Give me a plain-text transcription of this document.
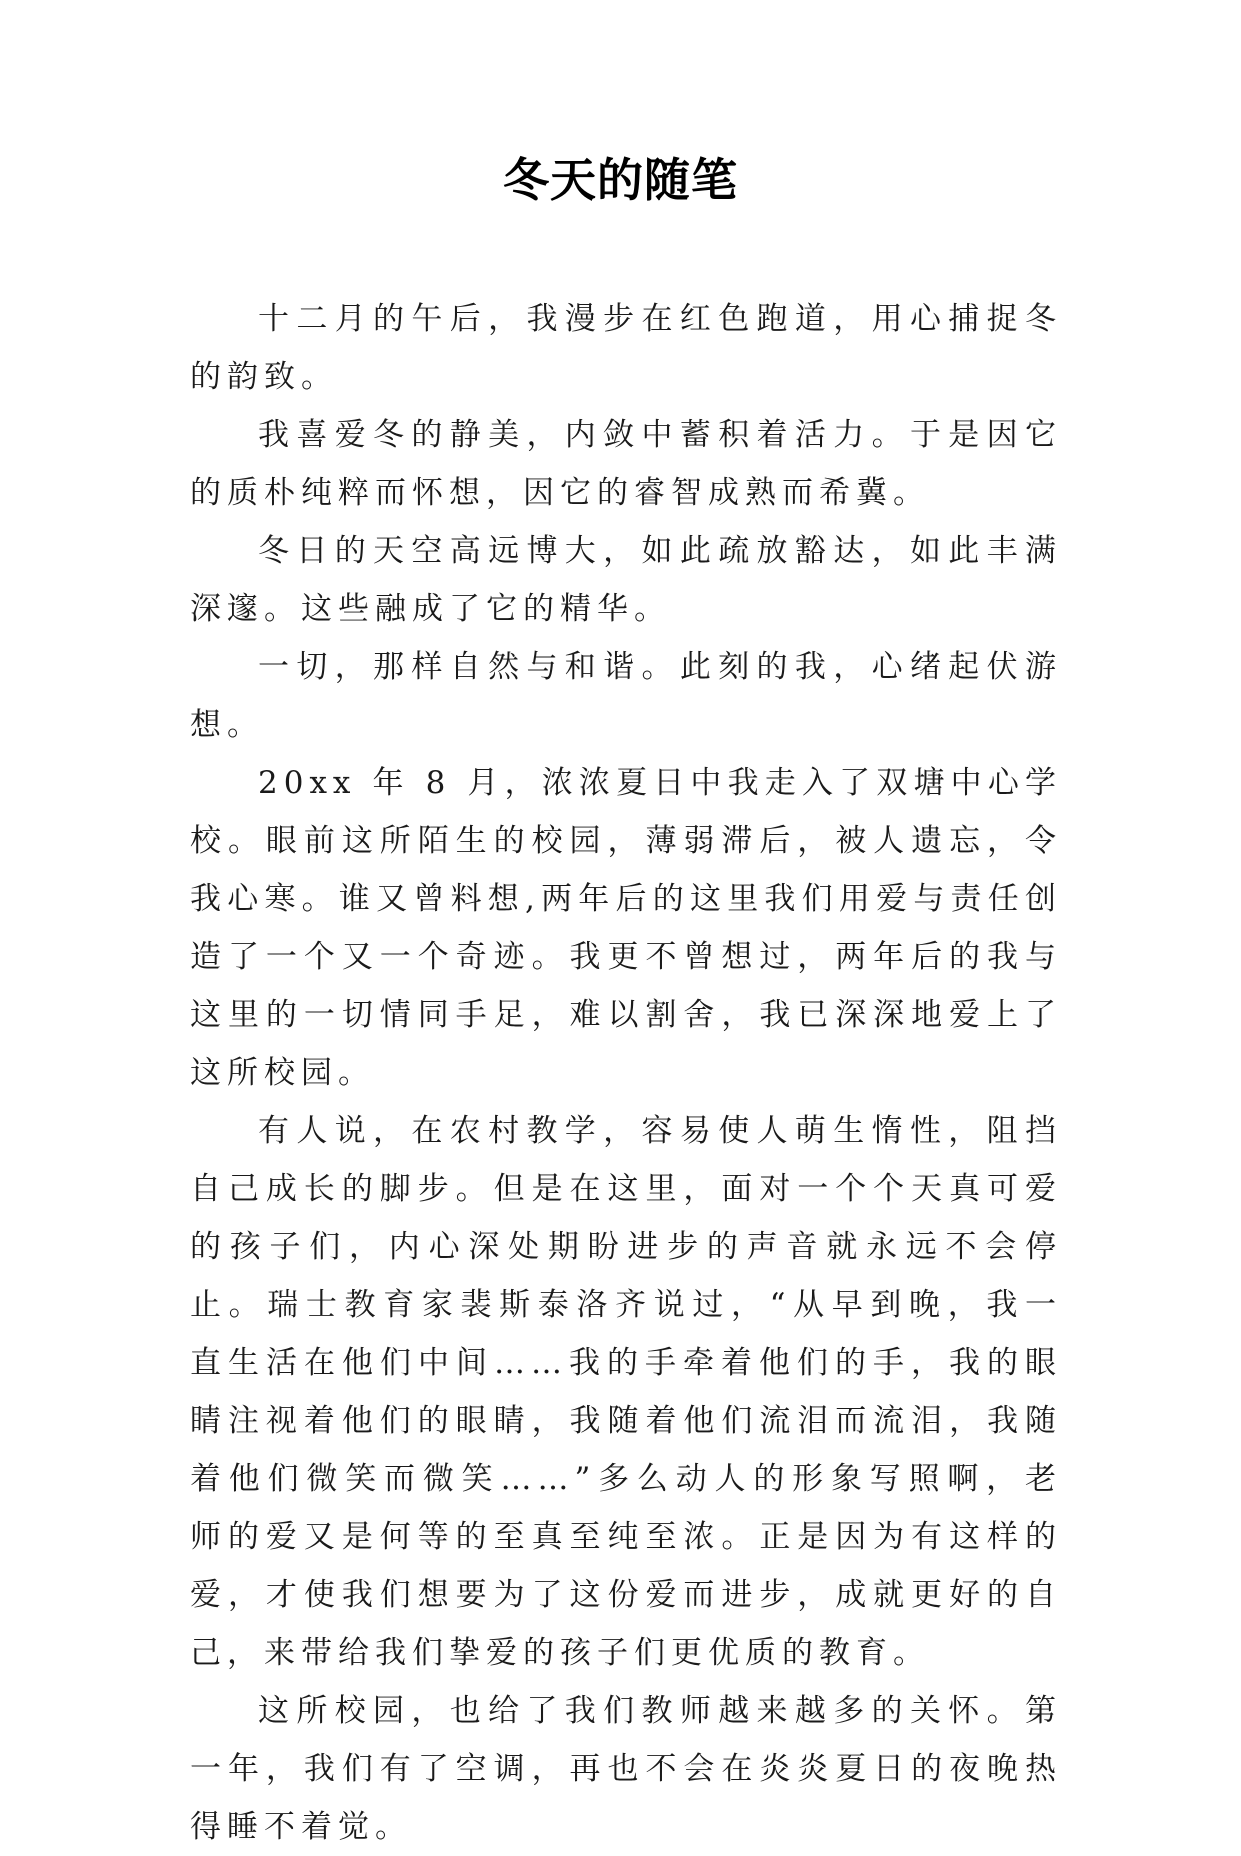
冬天的随笔

十二月的午后，我漫步在红色跑道，用心捕捉冬的韵致。

我喜爱冬的静美，内敛中蓄积着活力。于是因它的质朴纯粹而怀想，因它的睿智成熟而希冀。

冬日的天空高远博大，如此疏放豁达，如此丰满深邃。这些融成了它的精华。

一切，那样自然与和谐。此刻的我，心绪起伏游想。

20xx 年 8 月，浓浓夏日中我走入了双塘中心学校。眼前这所陌生的校园，薄弱滞后，被人遗忘，令我心寒。谁又曾料想,两年后的这里我们用爱与责任创造了一个又一个奇迹。我更不曾想过，两年后的我与这里的一切情同手足，难以割舍，我已深深地爱上了这所校园。

有人说，在农村教学，容易使人萌生惰性，阻挡自己成长的脚步。但是在这里，面对一个个天真可爱的孩子们，内心深处期盼进步的声音就永远不会停止。瑞士教育家裴斯泰洛齐说过，“从早到晚，我一直生活在他们中间……我的手牵着他们的手，我的眼睛注视着他们的眼睛，我随着他们流泪而流泪，我随着他们微笑而微笑……”多么动人的形象写照啊，老师的爱又是何等的至真至纯至浓。正是因为有这样的爱，才使我们想要为了这份爱而进步，成就更好的自己，来带给我们挚爱的孩子们更优质的教育。

这所校园，也给了我们教师越来越多的关怀。第一年，我们有了空调，再也不会在炎炎夏日的夜晚热得睡不着觉。
